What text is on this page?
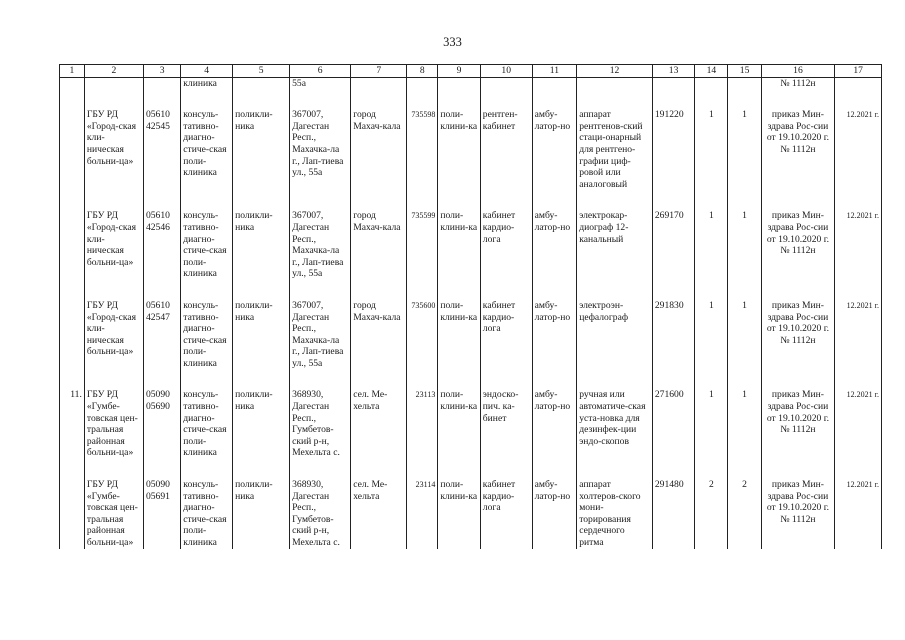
333
1	2	3	4	5	6	7	8	9	10	11	12	13	14	15	16	17
			клиника		55а										№ 1112н	
	ГБУ РД «Город-ская кли-ническая больни-ца»	05610 42545	консуль-тативно-диагно-стиче-ская поли-клиника	поликли-ника	367007, Дагестан Респ., Махачка-ла г., Лап-тиева ул., 55а	город Махач-кала	735598	поли-клини-ка	рентген-кабинет	амбу-латор-но	аппарат рентгенов-ский стаци-онарный для рентгено-графии циф-ровой или аналоговый	191220	1	1	приказ Мин-здрава Рос-сии от 19.10.2020 г. № 1112н	12.2021 г.
	ГБУ РД «Город-ская кли-ническая больни-ца»	05610 42546	консуль-тативно-диагно-стиче-ская поли-клиника	поликли-ника	367007, Дагестан Респ., Махачка-ла г., Лап-тиева ул., 55а	город Махач-кала	735599	поли-клини-ка	кабинет кардио-лога	амбу-латор-но	электрокар-диограф 12-канальный	269170	1	1	приказ Мин-здрава Рос-сии от 19.10.2020 г. № 1112н	12.2021 г.
	ГБУ РД «Город-ская кли-ническая больни-ца»	05610 42547	консуль-тативно-диагно-стиче-ская поли-клиника	поликли-ника	367007, Дагестан Респ., Махачка-ла г., Лап-тиева ул., 55а	город Махач-кала	735600	поли-клини-ка	кабинет кардио-лога	амбу-латор-но	электроэн-цефалограф	291830	1	1	приказ Мин-здрава Рос-сии от 19.10.2020 г. № 1112н	12.2021 г.
11.	ГБУ РД «Гумбе-товская цен-тральная районная больни-ца»	05090 05690	консуль-тативно-диагно-стиче-ская поли-клиника	поликли-ника	368930, Дагестан Респ., Гумбетов-ский р-н, Мехельта с.	сел. Ме-хельта	23113	поли-клини-ка	эндоско-пич. ка-бинет	амбу-латор-но	ручная или автоматиче-ская уста-новка для дезинфек-ции эндо-скопов	271600	1	1	приказ Мин-здрава Рос-сии от 19.10.2020 г. № 1112н	12.2021 г.
	ГБУ РД «Гумбе-товская цен-тральная районная больни-ца»	05090 05691	консуль-тативно-диагно-стиче-ская поли-клиника	поликли-ника	368930, Дагестан Респ., Гумбетов-ский р-н, Мехельта с.	сел. Ме-хельта	23114	поли-клини-ка	кабинет кардио-лога	амбу-латор-но	аппарат холтеров-ского мони-торирования сердечного ритма	291480	2	2	приказ Мин-здрава Рос-сии от 19.10.2020 г. № 1112н	12.2021 г.
